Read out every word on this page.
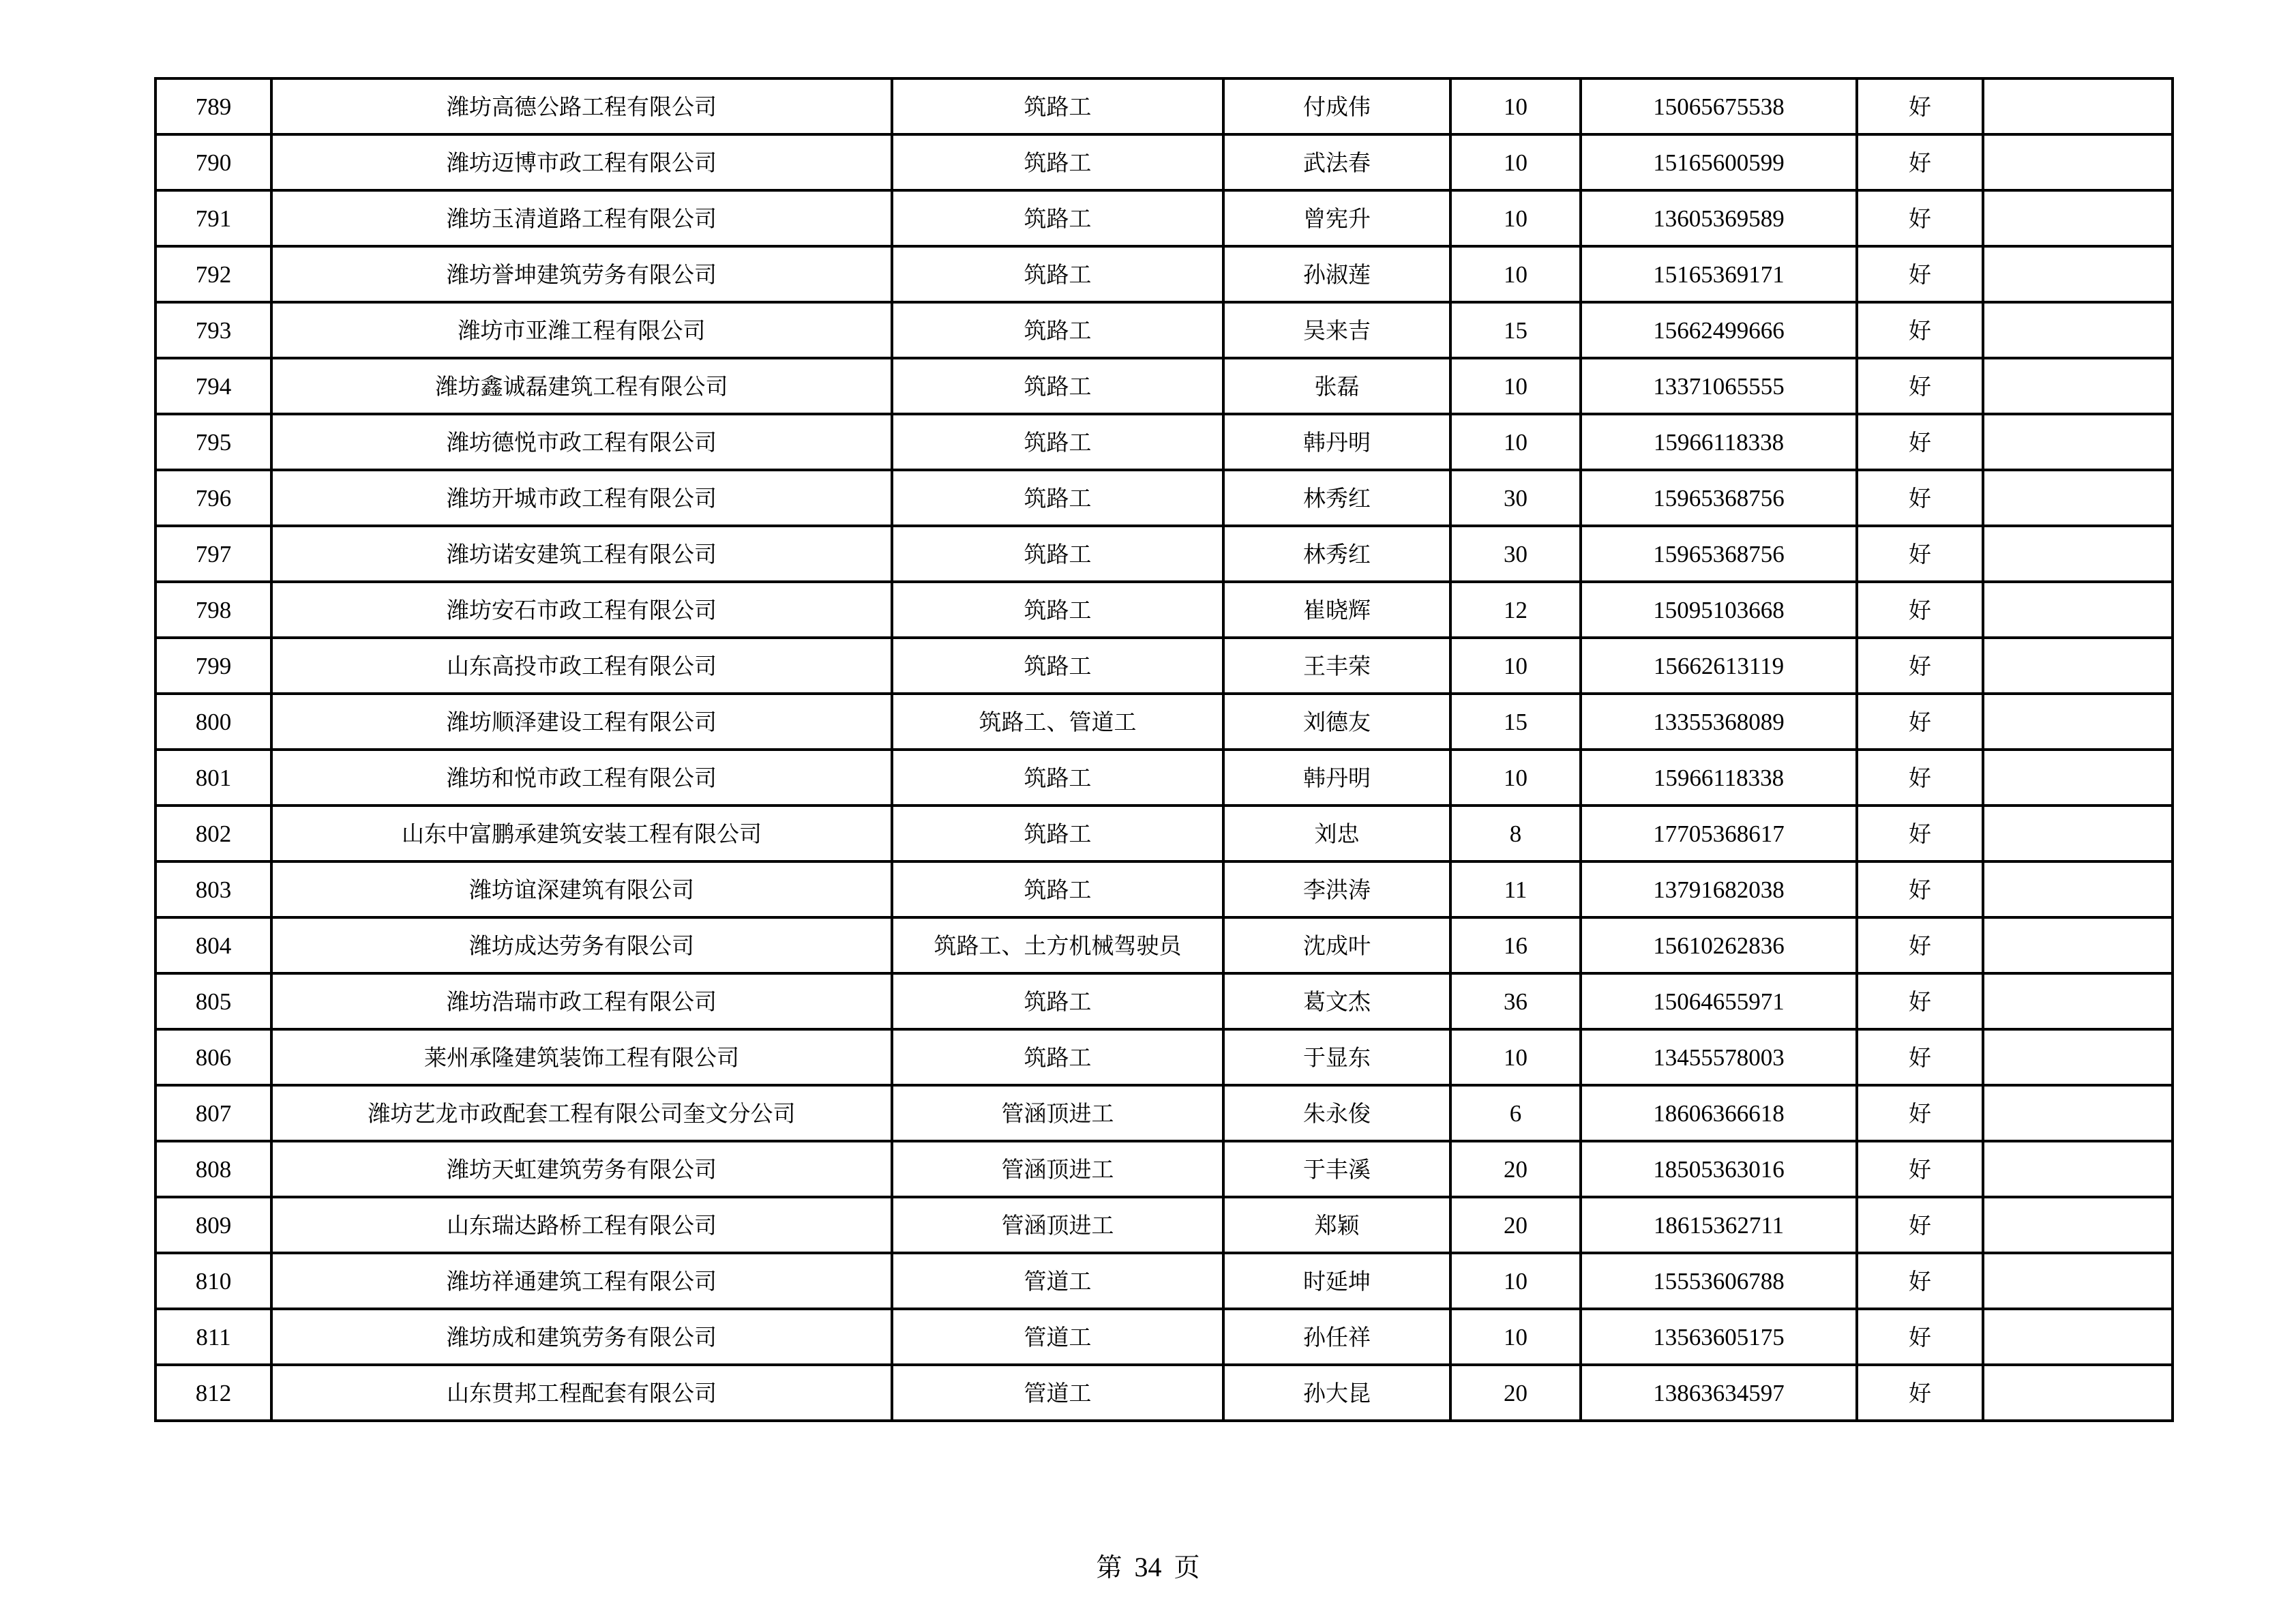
789	潍坊高德公路工程有限公司	筑路工	付成伟	10	15065675538	好	
790	潍坊迈博市政工程有限公司	筑路工	武法春	10	15165600599	好	
791	潍坊玉清道路工程有限公司	筑路工	曾宪升	10	13605369589	好	
792	潍坊誉坤建筑劳务有限公司	筑路工	孙淑莲	10	15165369171	好	
793	潍坊市亚潍工程有限公司	筑路工	吴来吉	15	15662499666	好	
794	潍坊鑫诚磊建筑工程有限公司	筑路工	张磊	10	13371065555	好	
795	潍坊德悦市政工程有限公司	筑路工	韩丹明	10	15966118338	好	
796	潍坊开城市政工程有限公司	筑路工	林秀红	30	15965368756	好	
797	潍坊诺安建筑工程有限公司	筑路工	林秀红	30	15965368756	好	
798	潍坊安石市政工程有限公司	筑路工	崔晓辉	12	15095103668	好	
799	山东高投市政工程有限公司	筑路工	王丰荣	10	15662613119	好	
800	潍坊顺泽建设工程有限公司	筑路工、管道工	刘德友	15	13355368089	好	
801	潍坊和悦市政工程有限公司	筑路工	韩丹明	10	15966118338	好	
802	山东中富鹏承建筑安装工程有限公司	筑路工	刘忠	8	17705368617	好	
803	潍坊谊深建筑有限公司	筑路工	李洪涛	11	13791682038	好	
804	潍坊成达劳务有限公司	筑路工、土方机械驾驶员	沈成叶	16	15610262836	好	
805	潍坊浩瑞市政工程有限公司	筑路工	葛文杰	36	15064655971	好	
806	莱州承隆建筑装饰工程有限公司	筑路工	于显东	10	13455578003	好	
807	潍坊艺龙市政配套工程有限公司奎文分公司	管涵顶进工	朱永俊	6	18606366618	好	
808	潍坊天虹建筑劳务有限公司	管涵顶进工	于丰溪	20	18505363016	好	
809	山东瑞达路桥工程有限公司	管涵顶进工	郑颖	20	18615362711	好	
810	潍坊祥通建筑工程有限公司	管道工	时延坤	10	15553606788	好	
811	潍坊成和建筑劳务有限公司	管道工	孙任祥	10	13563605175	好	
812	山东贯邦工程配套有限公司	管道工	孙大昆	20	13863634597	好	
第 34 页
